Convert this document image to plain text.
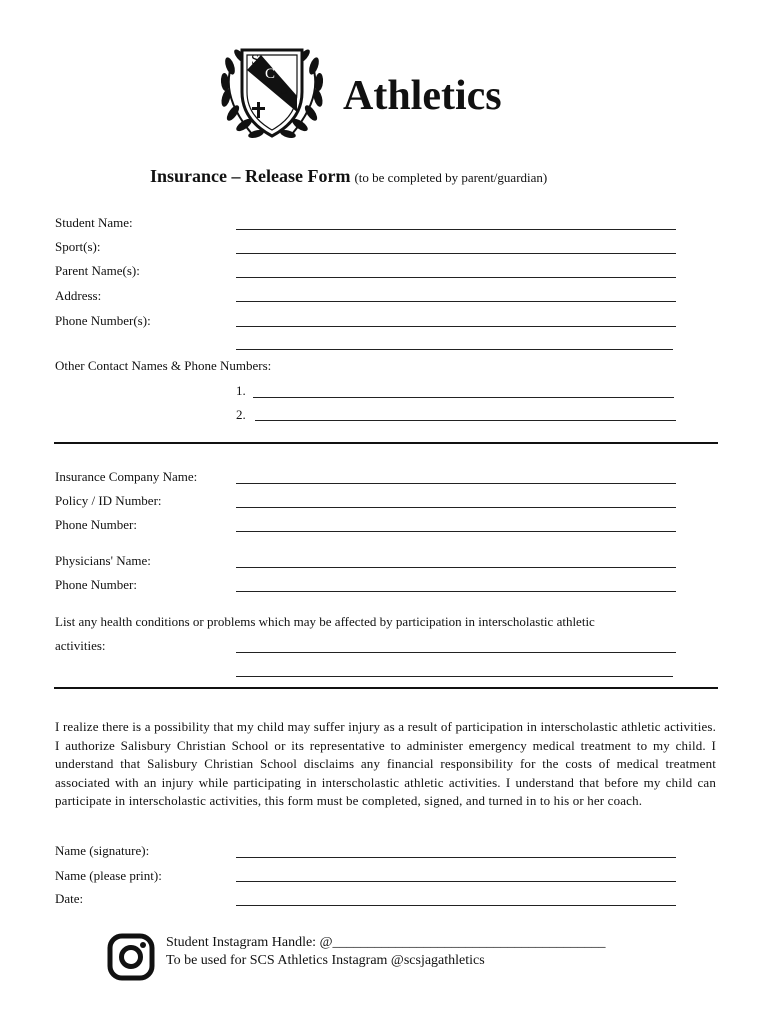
S
C
S Athletics
Insurance – Release Form (to be completed by parent/guardian)
Student Name:
Sport(s):
Parent Name(s):
Address:
Phone Number(s):
Other Contact Names & Phone Numbers:
1.
2.
Insurance Company Name:
Policy / ID Number:
Phone Number:
Physicians' Name:
Phone Number:
List any health conditions or problems which may be affected by participation in interscholastic athletic
activities:
I realize there is a possibility that my child may suffer injury as a result of participation in interscholastic athletic activities. I authorize Salisbury Christian School or its representative to administer emergency medical treatment to my child. I understand that Salisbury Christian School disclaims any financial responsibility for the costs of medical treatment associated with an injury while participating in interscholastic athletic activities. I understand that before my child can participate in interscholastic activities, this form must be completed, signed, and turned in to his or her coach.
Name (signature):
Name (please print):
Date:
Student Instagram Handle: @_______________________________________
To be used for SCS Athletics Instagram @scsjagathletics
